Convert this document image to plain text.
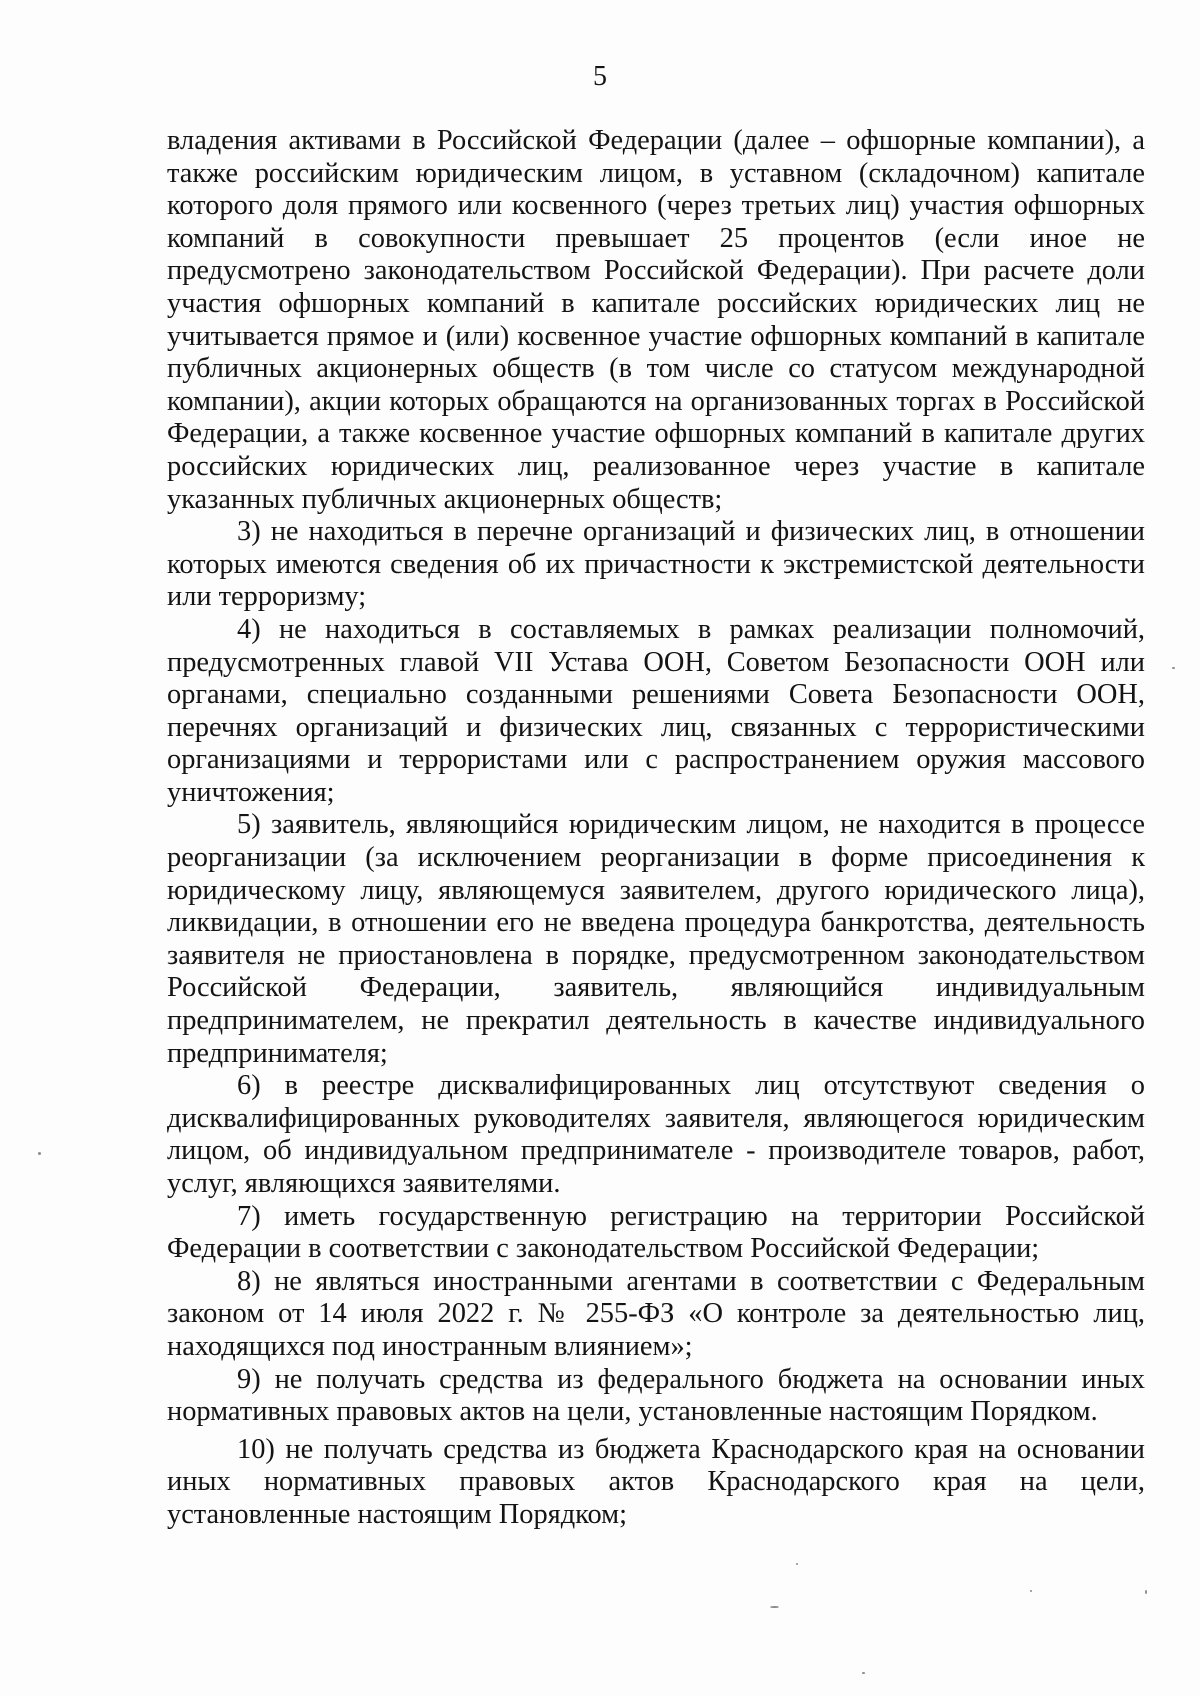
5

владения активами в Российской Федерации (далее – офшорные компании), а также российским юридическим лицом, в уставном (складочном) капитале которого доля прямого или косвенного (через третьих лиц) участия офшорных компаний в совокупности превышает 25 процентов (если иное не предусмотрено законодательством Российской Федерации). При расчете доли участия офшорных компаний в капитале российских юридических лиц не учитывается прямое и (или) косвенное участие офшорных компаний в капитале публичных акционерных обществ (в том числе со статусом международной компании), акции которых обращаются на организованных торгах в Российской Федерации, а также косвенное участие офшорных компаний в капитале других российских юридических лиц, реализованное через участие в капитале указанных публичных акционерных обществ;

3) не находиться в перечне организаций и физических лиц, в отношении которых имеются сведения об их причастности к экстремистской деятельности или терроризму;

4) не находиться в составляемых в рамках реализации полномочий, предусмотренных главой VII Устава ООН, Советом Безопасности ООН или органами, специально созданными решениями Совета Безопасности ООН, перечнях организаций и физических лиц, связанных с террористическими организациями и террористами или с распространением оружия массового уничтожения;

5) заявитель, являющийся юридическим лицом, не находится в процессе реорганизации (за исключением реорганизации в форме присоединения к юридическому лицу, являющемуся заявителем, другого юридического лица), ликвидации, в отношении его не введена процедура банкротства, деятельность заявителя не приостановлена в порядке, предусмотренном законодательством Российской Федерации, заявитель, являющийся индивидуальным предпринимателем, не прекратил деятельность в качестве индивидуального предпринимателя;

6) в реестре дисквалифицированных лиц отсутствуют сведения о дисквалифицированных руководителях заявителя, являющегося юридическим лицом, об индивидуальном предпринимателе - производителе товаров, работ, услуг, являющихся заявителями.

7) иметь государственную регистрацию на территории Российской Федерации в соответствии с законодательством Российской Федерации;

8) не являться иностранными агентами в соответствии с Федеральным законом от 14 июля 2022 г. № 255-ФЗ «О контроле за деятельностью лиц, находящихся под иностранным влиянием»;

9) не получать средства из федерального бюджета на основании иных нормативных правовых актов на цели, установленные настоящим Порядком.

10) не получать средства из бюджета Краснодарского края на основании иных нормативных правовых актов Краснодарского края на цели, установленные настоящим Порядком;
